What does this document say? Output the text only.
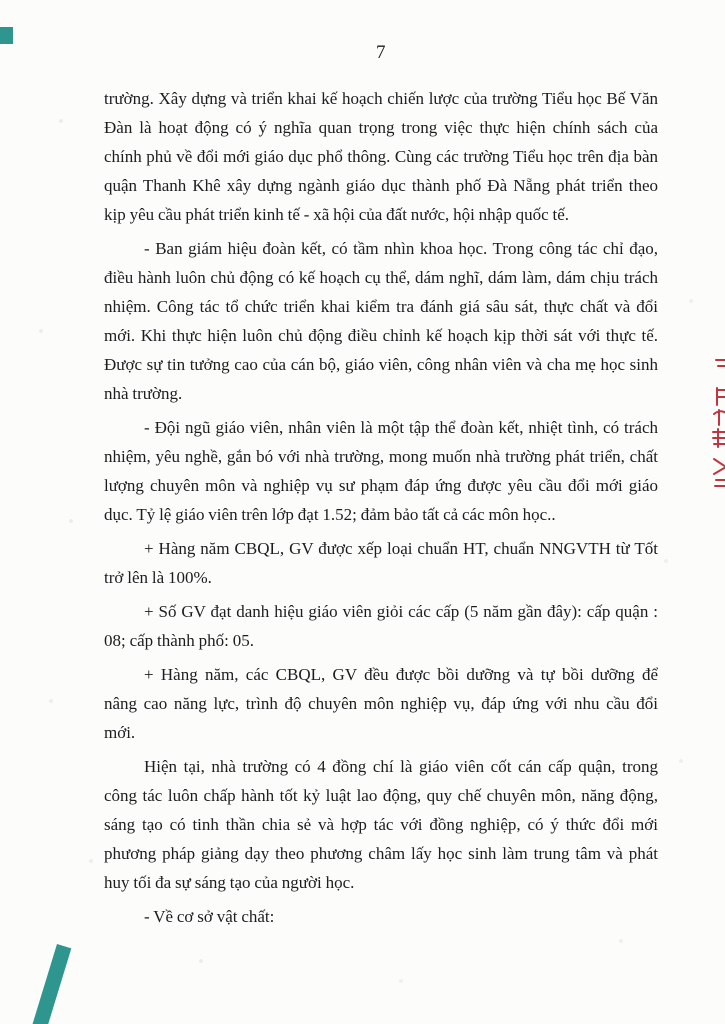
7

trường. Xây dựng và triển khai kế hoạch chiến lược của trường Tiểu học Bế Văn
Đàn là hoạt động có ý nghĩa quan trọng trong việc thực hiện chính sách của
chính phủ về đổi mới giáo dục phổ thông. Cùng các trường Tiểu học trên địa bàn
quận Thanh Khê xây dựng ngành giáo dục thành phố Đà Nẵng phát triển theo
kịp yêu cầu phát triển kinh tế - xã hội của đất nước, hội nhập quốc tế.

- Ban giám hiệu đoàn kết, có tầm nhìn khoa học. Trong công tác chỉ đạo,
điều hành luôn chủ động có kế hoạch cụ thể, dám nghĩ, dám làm, dám chịu trách
nhiệm. Công tác tổ chức triển khai kiểm tra đánh giá sâu sát, thực chất và đổi
mới. Khi thực hiện luôn chủ động điều chỉnh kế hoạch kịp thời sát với thực tế.
Được sự tin tưởng cao của cán bộ, giáo viên, công nhân viên và cha mẹ học sinh
nhà trường.

- Đội ngũ giáo viên, nhân viên là một tập thể đoàn kết, nhiệt tình, có trách
nhiệm, yêu nghề, gắn bó với nhà trường, mong muốn nhà trường phát triển, chất
lượng chuyên môn và nghiệp vụ sư phạm đáp ứng được yêu cầu đổi mới giáo
dục. Tỷ lệ giáo viên trên lớp đạt 1.52; đảm bảo tất cả các môn học..

+ Hàng năm CBQL, GV được xếp loại chuẩn HT, chuẩn NNGVTH từ Tốt
trở lên là 100%.

+ Số GV đạt danh hiệu giáo viên giỏi các cấp (5 năm gần đây): cấp quận :
08; cấp thành phố: 05.

+ Hàng năm, các CBQL, GV đều được bồi dưỡng và tự bồi dưỡng để
nâng cao năng lực, trình độ chuyên môn nghiệp vụ, đáp ứng với nhu cầu đổi
mới.

Hiện tại, nhà trường có 4 đồng chí là giáo viên cốt cán cấp quận, trong
công tác luôn chấp hành tốt kỷ luật lao động, quy chế chuyên môn, năng động,
sáng tạo có tinh thần chia sẻ và hợp tác với đồng nghiệp, có ý thức đổi mới
phương pháp giảng dạy theo phương châm lấy học sinh làm trung tâm và phát
huy tối đa sự sáng tạo của người học.

- Về cơ sở vật chất:
